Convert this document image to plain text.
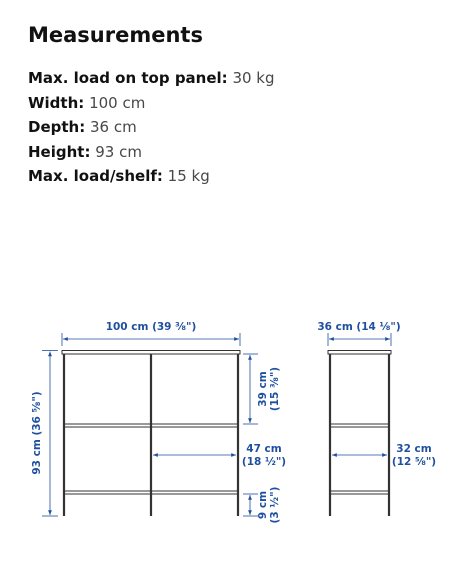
Measurements
Max. load on top panel: 30 kg
Width: 100 cm
Depth: 36 cm
Height: 93 cm
Max. load/shelf: 15 kg
100 cm (39 ⅜")
93 cm (36 ⅝")
39 cm (15 ⅜")
47 cm
(18 ½")
9 cm (3 ½")
36 cm (14 ⅛")
32 cm
(12 ⅝")
